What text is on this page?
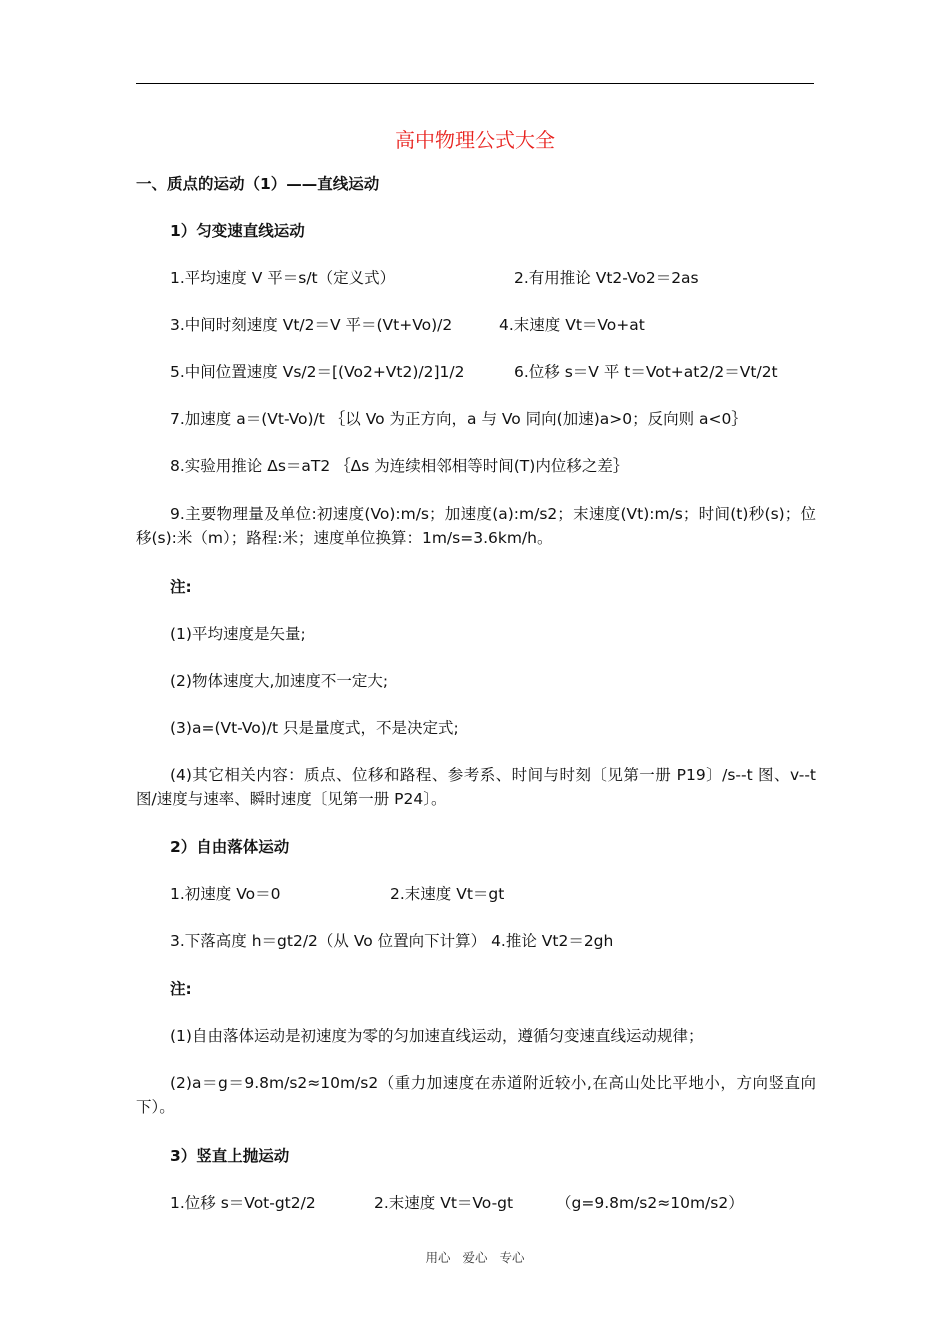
高中物理公式大全
一、质点的运动（1）——直线运动
1）匀变速直线运动
1.平均速度 V 平＝s/t（定义式）	2.有用推论 Vt2-Vo2＝2as
3.中间时刻速度 Vt/2＝V 平＝(Vt+Vo)/2	4.末速度 Vt＝Vo+at
5.中间位置速度 Vs/2＝[(Vo2+Vt2)/2]1/2	6.位移 s＝V 平 t＝Vot+at2/2＝Vt/2t
7.加速度 a＝(Vt-Vo)/t ｛以 Vo 为正方向，a 与 Vo 同向(加速)a>0；反向则 a<0｝
8.实验用推论 Δs＝aT2 ｛Δs 为连续相邻相等时间(T)内位移之差｝
9.主要物理量及单位:初速度(Vo):m/s；加速度(a):m/s2；末速度(Vt):m/s；时间(t)秒(s)；位移(s):米（m）；路程:米；速度单位换算：1m/s=3.6km/h。
注:
(1)平均速度是矢量;
(2)物体速度大,加速度不一定大;
(3)a=(Vt-Vo)/t 只是量度式，不是决定式;
(4)其它相关内容：质点、位移和路程、参考系、时间与时刻〔见第一册 P19〕/s--t 图、v--t 图/速度与速率、瞬时速度〔见第一册 P24〕。
2）自由落体运动
1.初速度 Vo＝0	2.末速度 Vt＝gt
3.下落高度 h＝gt2/2（从 Vo 位置向下计算） 4.推论 Vt2＝2gh
注:
(1)自由落体运动是初速度为零的匀加速直线运动，遵循匀变速直线运动规律；
(2)a＝g＝9.8m/s2≈10m/s2（重力加速度在赤道附近较小,在高山处比平地小，方向竖直向下）。
3）竖直上抛运动
1.位移 s＝Vot-gt2/2	2.末速度 Vt＝Vo-gt	（g=9.8m/s2≈10m/s2）
用心 爱心 专心
